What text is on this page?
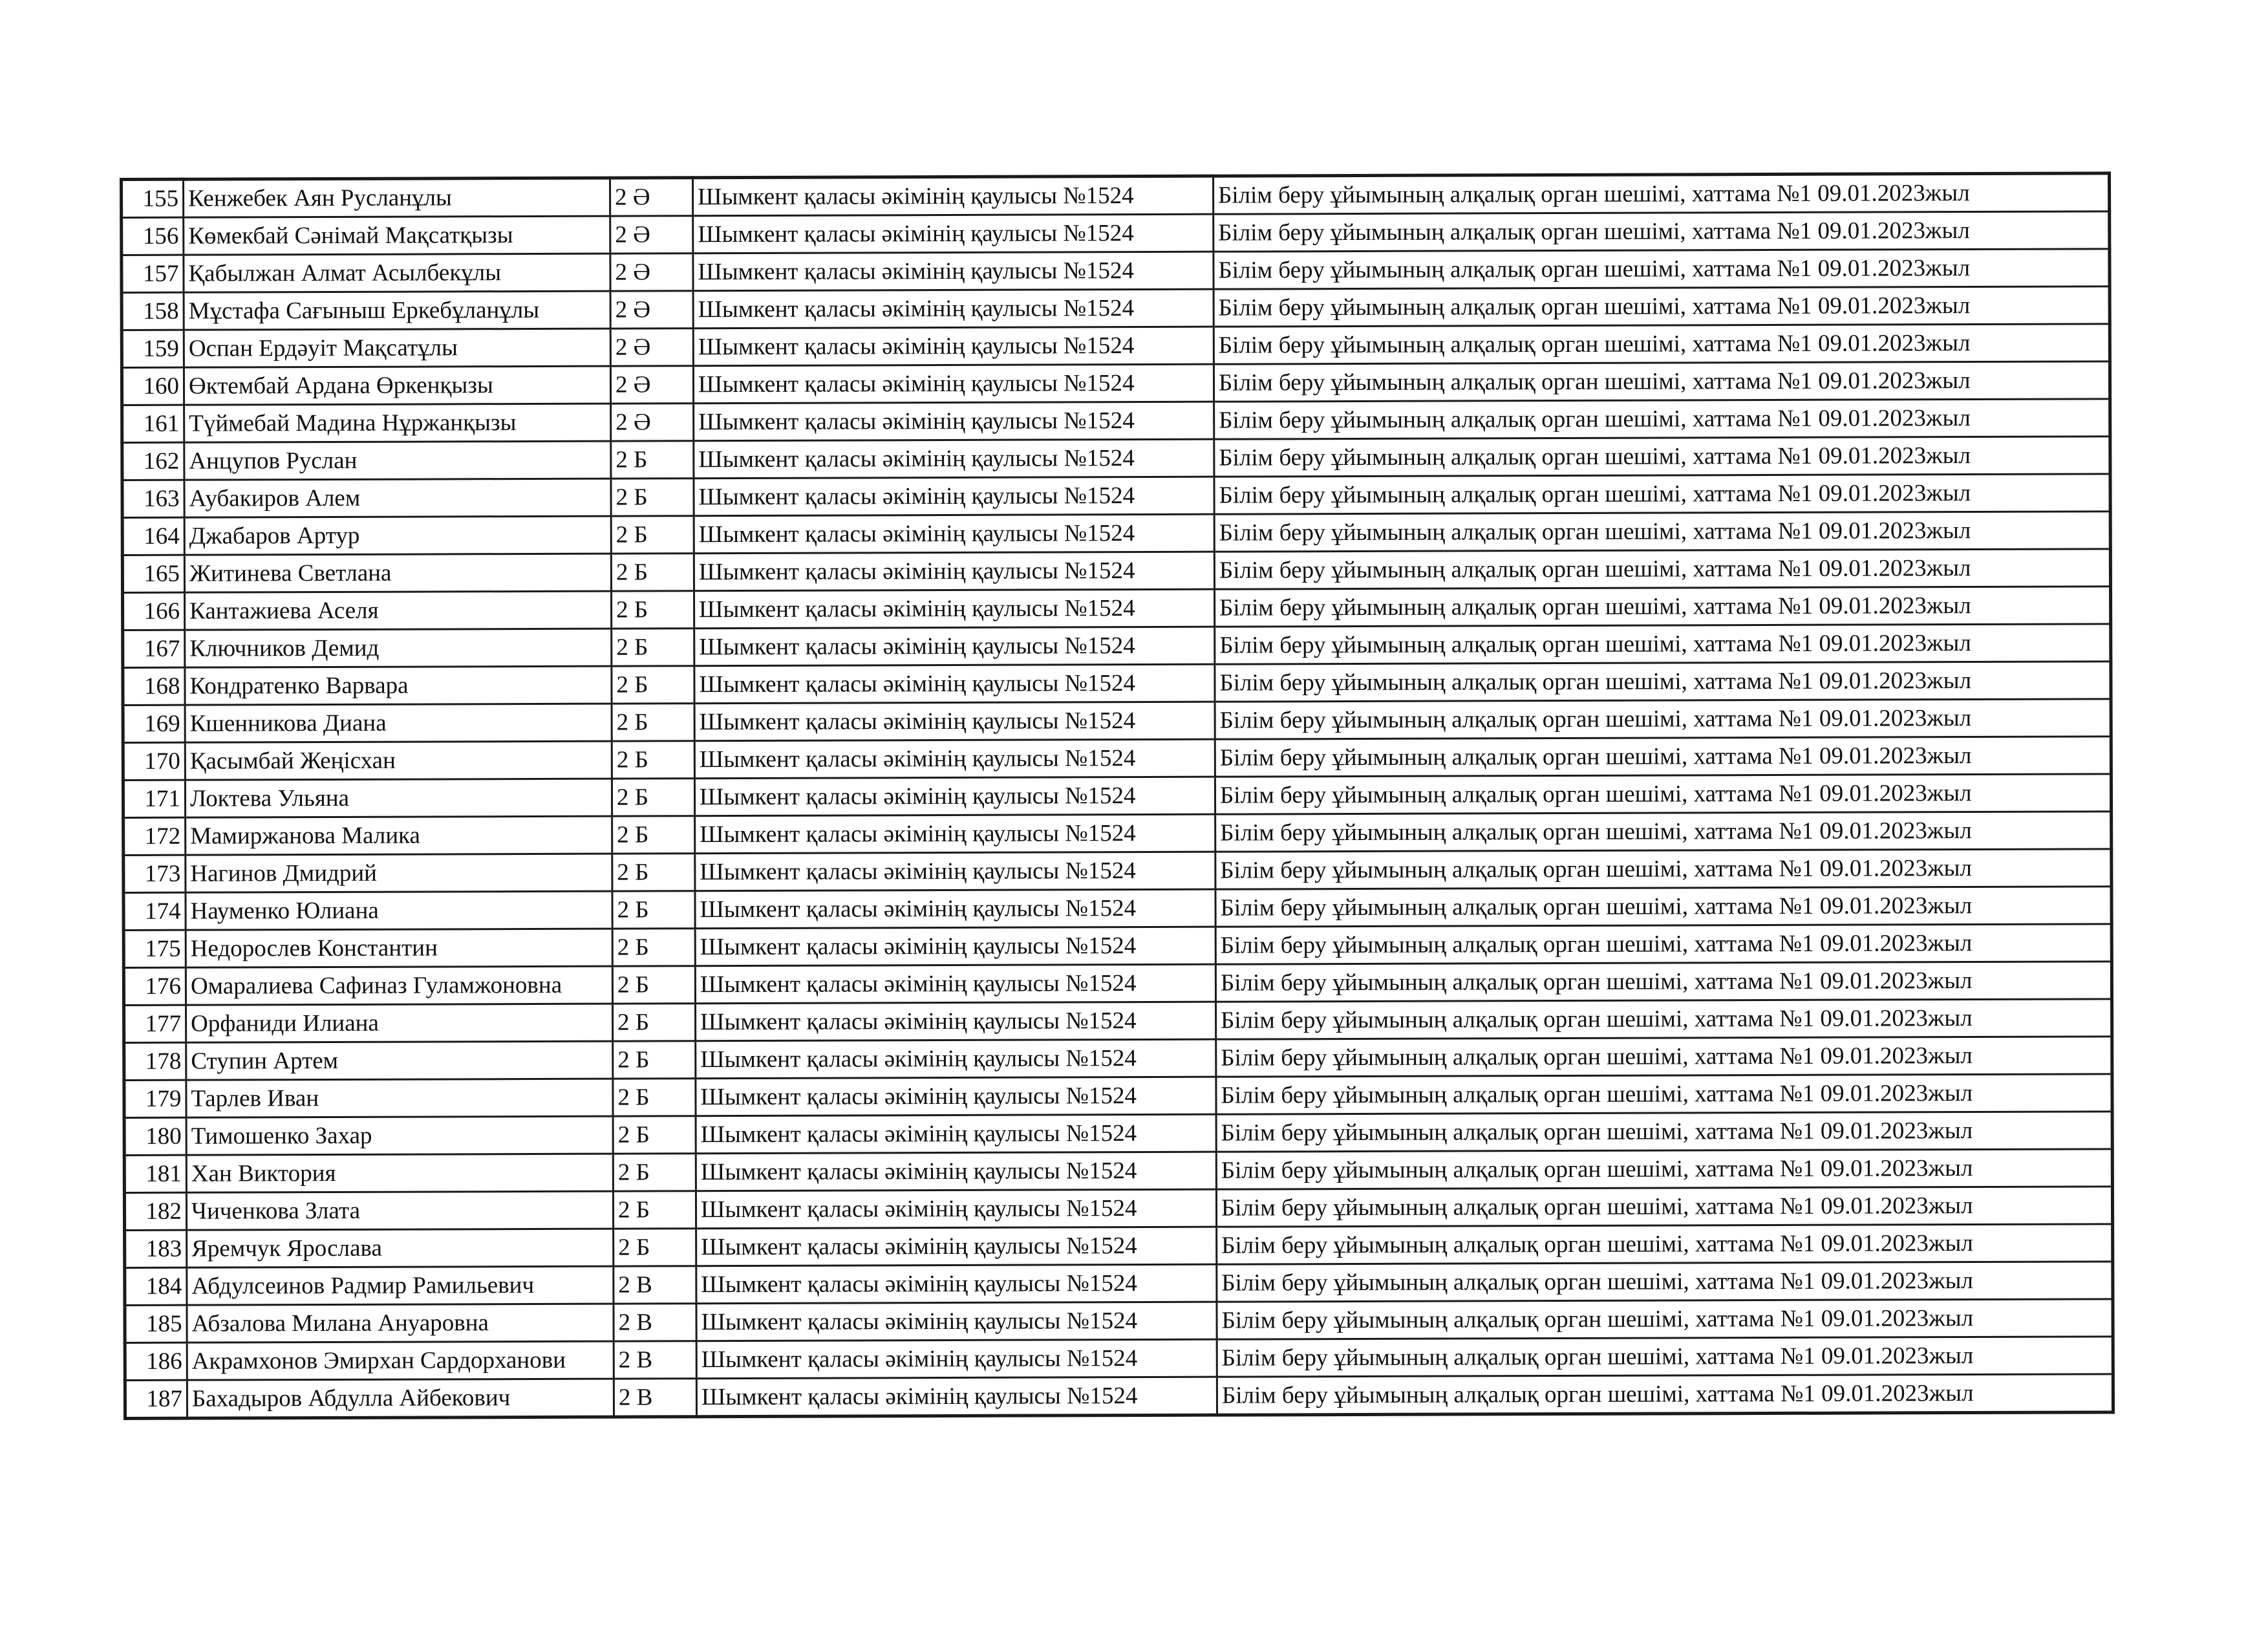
155	Кенжебек Аян Русланұлы	2 Ә	Шымкент қаласы әкімінің қаулысы №1524	Білім беру ұйымының алқалық орган шешімі, хаттама №1 09.01.2023жыл
156	Көмекбай Сәнімай Мақсатқызы	2 Ә	Шымкент қаласы әкімінің қаулысы №1524	Білім беру ұйымының алқалық орган шешімі, хаттама №1 09.01.2023жыл
157	Қабылжан Алмат Асылбекұлы	2 Ә	Шымкент қаласы әкімінің қаулысы №1524	Білім беру ұйымының алқалық орган шешімі, хаттама №1 09.01.2023жыл
158	Мұстафа Сағыныш Еркебұланұлы	2 Ә	Шымкент қаласы әкімінің қаулысы №1524	Білім беру ұйымының алқалық орган шешімі, хаттама №1 09.01.2023жыл
159	Оспан Ердәуіт Мақсатұлы	2 Ә	Шымкент қаласы әкімінің қаулысы №1524	Білім беру ұйымының алқалық орган шешімі, хаттама №1 09.01.2023жыл
160	Өктембай Ардана Өркенқызы	2 Ә	Шымкент қаласы әкімінің қаулысы №1524	Білім беру ұйымының алқалық орган шешімі, хаттама №1 09.01.2023жыл
161	Түймебай Мадина Нұржанқызы	2 Ә	Шымкент қаласы әкімінің қаулысы №1524	Білім беру ұйымының алқалық орган шешімі, хаттама №1 09.01.2023жыл
162	Анцупов Руслан	2 Б	Шымкент қаласы әкімінің қаулысы №1524	Білім беру ұйымының алқалық орган шешімі, хаттама №1 09.01.2023жыл
163	Аубакиров Алем	2 Б	Шымкент қаласы әкімінің қаулысы №1524	Білім беру ұйымының алқалық орган шешімі, хаттама №1 09.01.2023жыл
164	Джабаров Артур	2 Б	Шымкент қаласы әкімінің қаулысы №1524	Білім беру ұйымының алқалық орган шешімі, хаттама №1 09.01.2023жыл
165	Житинева Светлана	2 Б	Шымкент қаласы әкімінің қаулысы №1524	Білім беру ұйымының алқалық орган шешімі, хаттама №1 09.01.2023жыл
166	Кантажиева Аселя	2 Б	Шымкент қаласы әкімінің қаулысы №1524	Білім беру ұйымының алқалық орган шешімі, хаттама №1 09.01.2023жыл
167	Ключников Демид	2 Б	Шымкент қаласы әкімінің қаулысы №1524	Білім беру ұйымының алқалық орган шешімі, хаттама №1 09.01.2023жыл
168	Кондратенко Варвара	2 Б	Шымкент қаласы әкімінің қаулысы №1524	Білім беру ұйымының алқалық орган шешімі, хаттама №1 09.01.2023жыл
169	Кшенникова Диана	2 Б	Шымкент қаласы әкімінің қаулысы №1524	Білім беру ұйымының алқалық орган шешімі, хаттама №1 09.01.2023жыл
170	Қасымбай Жеңісхан	2 Б	Шымкент қаласы әкімінің қаулысы №1524	Білім беру ұйымының алқалық орган шешімі, хаттама №1 09.01.2023жыл
171	Локтева Ульяна	2 Б	Шымкент қаласы әкімінің қаулысы №1524	Білім беру ұйымының алқалық орган шешімі, хаттама №1 09.01.2023жыл
172	Мамиржанова Малика	2 Б	Шымкент қаласы әкімінің қаулысы №1524	Білім беру ұйымының алқалық орган шешімі, хаттама №1 09.01.2023жыл
173	Нагинов Дмидрий	2 Б	Шымкент қаласы әкімінің қаулысы №1524	Білім беру ұйымының алқалық орган шешімі, хаттама №1 09.01.2023жыл
174	Науменко Юлиана	2 Б	Шымкент қаласы әкімінің қаулысы №1524	Білім беру ұйымының алқалық орган шешімі, хаттама №1 09.01.2023жыл
175	Недорослев Константин	2 Б	Шымкент қаласы әкімінің қаулысы №1524	Білім беру ұйымының алқалық орган шешімі, хаттама №1 09.01.2023жыл
176	Омаралиева Сафиназ Гуламжоновна	2 Б	Шымкент қаласы әкімінің қаулысы №1524	Білім беру ұйымының алқалық орган шешімі, хаттама №1 09.01.2023жыл
177	Орфаниди Илиана	2 Б	Шымкент қаласы әкімінің қаулысы №1524	Білім беру ұйымының алқалық орган шешімі, хаттама №1 09.01.2023жыл
178	Ступин Артем	2 Б	Шымкент қаласы әкімінің қаулысы №1524	Білім беру ұйымының алқалық орган шешімі, хаттама №1 09.01.2023жыл
179	Тарлев Иван	2 Б	Шымкент қаласы әкімінің қаулысы №1524	Білім беру ұйымының алқалық орган шешімі, хаттама №1 09.01.2023жыл
180	Тимошенко Захар	2 Б	Шымкент қаласы әкімінің қаулысы №1524	Білім беру ұйымының алқалық орган шешімі, хаттама №1 09.01.2023жыл
181	Хан Виктория	2 Б	Шымкент қаласы әкімінің қаулысы №1524	Білім беру ұйымының алқалық орган шешімі, хаттама №1 09.01.2023жыл
182	Чиченкова Злата	2 Б	Шымкент қаласы әкімінің қаулысы №1524	Білім беру ұйымының алқалық орган шешімі, хаттама №1 09.01.2023жыл
183	Яремчук Ярослава	2 Б	Шымкент қаласы әкімінің қаулысы №1524	Білім беру ұйымының алқалық орган шешімі, хаттама №1 09.01.2023жыл
184	Абдулсеинов Радмир Рамильевич	2 В	Шымкент қаласы әкімінің қаулысы №1524	Білім беру ұйымының алқалық орган шешімі, хаттама №1 09.01.2023жыл
185	Абзалова Милана Ануаровна	2 В	Шымкент қаласы әкімінің қаулысы №1524	Білім беру ұйымының алқалық орган шешімі, хаттама №1 09.01.2023жыл
186	Акрамхонов Эмирхан Сардорханови	2 В	Шымкент қаласы әкімінің қаулысы №1524	Білім беру ұйымының алқалық орган шешімі, хаттама №1 09.01.2023жыл
187	Бахадыров Абдулла Айбекович	2 В	Шымкент қаласы әкімінің қаулысы №1524	Білім беру ұйымының алқалық орган шешімі, хаттама №1 09.01.2023жыл
